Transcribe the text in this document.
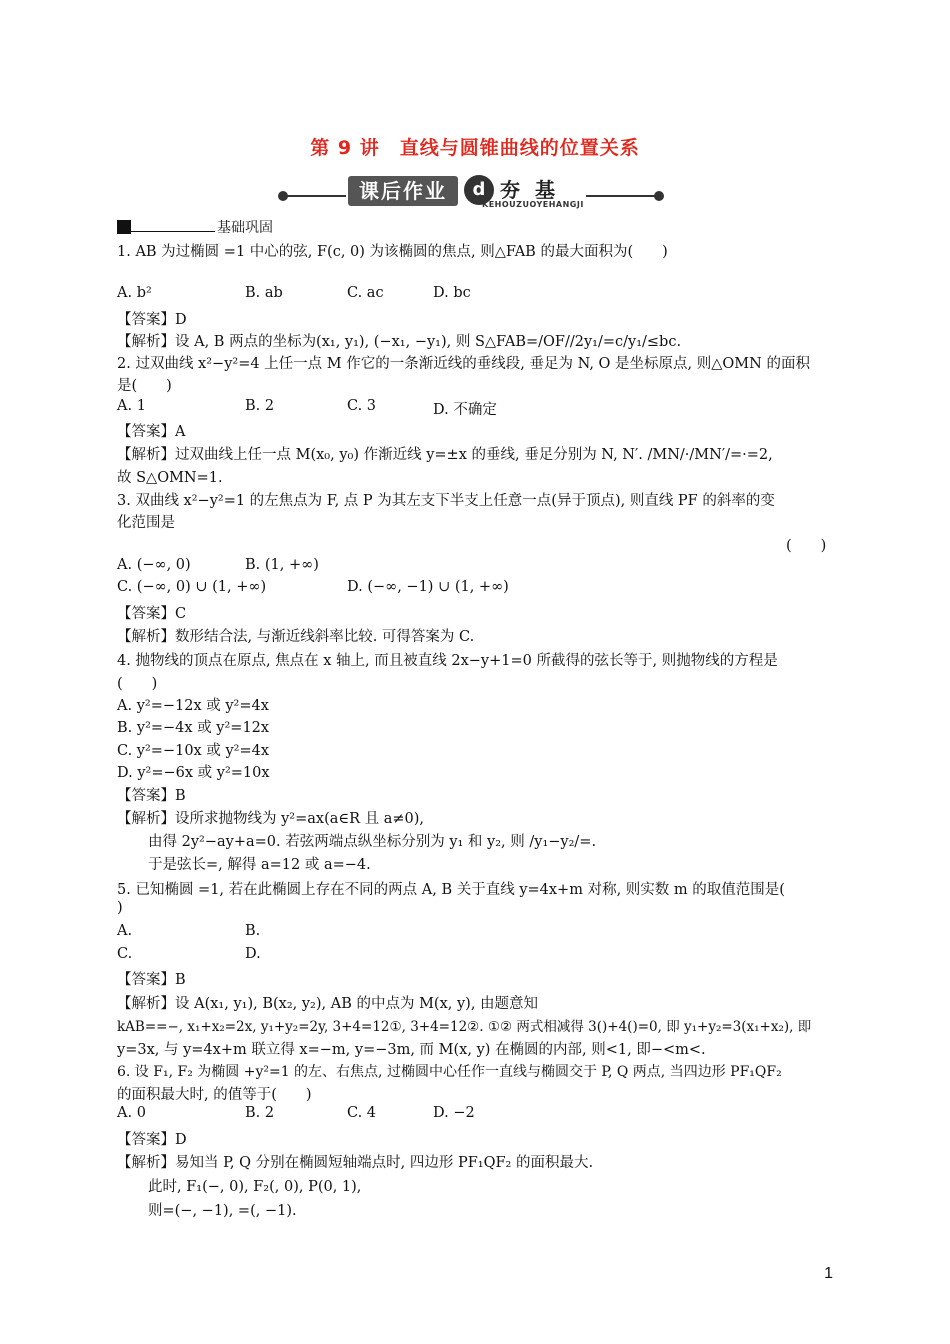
第 9 讲　直线与圆锥曲线的位置关系
课后作业	d 夯 基
KEHOUZUOYEHANGJI
基础巩固
1. AB 为过椭圆 =1 中心的弦, F(c, 0) 为该椭圆的焦点, 则△FAB 的最大面积为(　　)
A. b²	B. ab	C. ac	D. bc
【答案】D
【解析】设 A, B 两点的坐标为(x₁, y₁), (−x₁, −y₁), 则 S△FAB=/OF//2y₁/=c/y₁/≤bc.
2. 过双曲线 x²−y²=4 上任一点 M 作它的一条渐近线的垂线段, 垂足为 N, O 是坐标原点, 则△OMN 的面积
是(　　)
A. 1	B. 2	C. 3	D. 不确定
【答案】A
【解析】过双曲线上任一点 M(x₀, y₀) 作渐近线 y=±x 的垂线, 垂足分别为 N, N′. /MN/·/MN′/=·=2,
故 S△OMN=1.
3. 双曲线 x²−y²=1 的左焦点为 F, 点 P 为其左支下半支上任意一点(异于顶点), 则直线 PF 的斜率的变
化范围是
(　　)
A. (−∞, 0)	B. (1, +∞)
C. (−∞, 0) ∪ (1, +∞)	D. (−∞, −1) ∪ (1, +∞)
【答案】C
【解析】数形结合法, 与渐近线斜率比较. 可得答案为 C.
4. 抛物线的顶点在原点, 焦点在 x 轴上, 而且被直线 2x−y+1=0 所截得的弦长等于, 则抛物线的方程是
(　　)
A. y²=−12x 或 y²=4x
B. y²=−4x 或 y²=12x
C. y²=−10x 或 y²=4x
D. y²=−6x 或 y²=10x
【答案】B
【解析】设所求抛物线为 y²=ax(a∈R 且 a≠0),
由得 2y²−ay+a=0. 若弦两端点纵坐标分别为 y₁ 和 y₂, 则 /y₁−y₂/=.
于是弦长=, 解得 a=12 或 a=−4.
5. 已知椭圆 =1, 若在此椭圆上存在不同的两点 A, B 关于直线 y=4x+m 对称, 则实数 m 的取值范围是(
)
A.	B.
C.	D.
【答案】B
【解析】设 A(x₁, y₁), B(x₂, y₂), AB 的中点为 M(x, y), 由题意知
kAB==−, x₁+x₂=2x, y₁+y₂=2y, 3+4=12①, 3+4=12②. ①② 两式相减得 3()+4()=0, 即 y₁+y₂=3(x₁+x₂), 即
y=3x, 与 y=4x+m 联立得 x=−m, y=−3m, 而 M(x, y) 在椭圆的内部, 则<1, 即−<m<.
6. 设 F₁, F₂ 为椭圆 +y²=1 的左、右焦点, 过椭圆中心任作一直线与椭圆交于 P, Q 两点, 当四边形 PF₁QF₂
的面积最大时, 的值等于(　　)
A. 0	B. 2	C. 4	D. −2
【答案】D
【解析】易知当 P, Q 分别在椭圆短轴端点时, 四边形 PF₁QF₂ 的面积最大.
此时, F₁(−, 0), F₂(, 0), P(0, 1),
则=(−, −1), =(, −1).
1
